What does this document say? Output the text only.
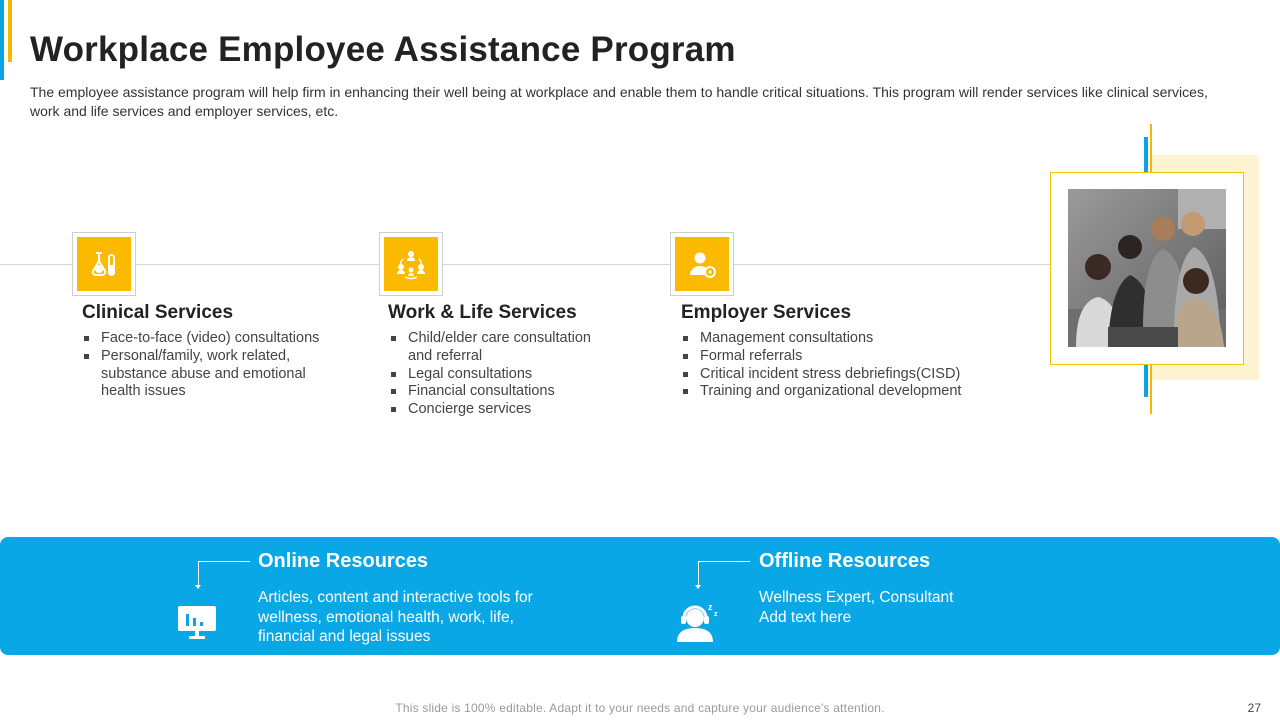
Workplace Employee Assistance Program

The employee assistance program will help firm in enhancing their well being at workplace and enable them to handle critical situations. This program will render services like clinical services, work and life services and employer services, etc.

Clinical Services
Face-to-face (video) consultations
Personal/family, work related, substance abuse and emotional health issues
Work & Life Services
Child/elder care consultation and referral
Legal consultations
Financial consultations
Concierge services
Employer Services
Management consultations
Formal referrals
Critical incident stress debriefings(CISD)
Training and organizational development
Online Resources
Articles, content and interactive tools for wellness, emotional health, work, life, financial and legal issues
z
z
Offline Resources
Wellness Expert, Consultant
Add text here
This slide is 100% editable. Adapt it to your needs and capture your audience's attention.	27
